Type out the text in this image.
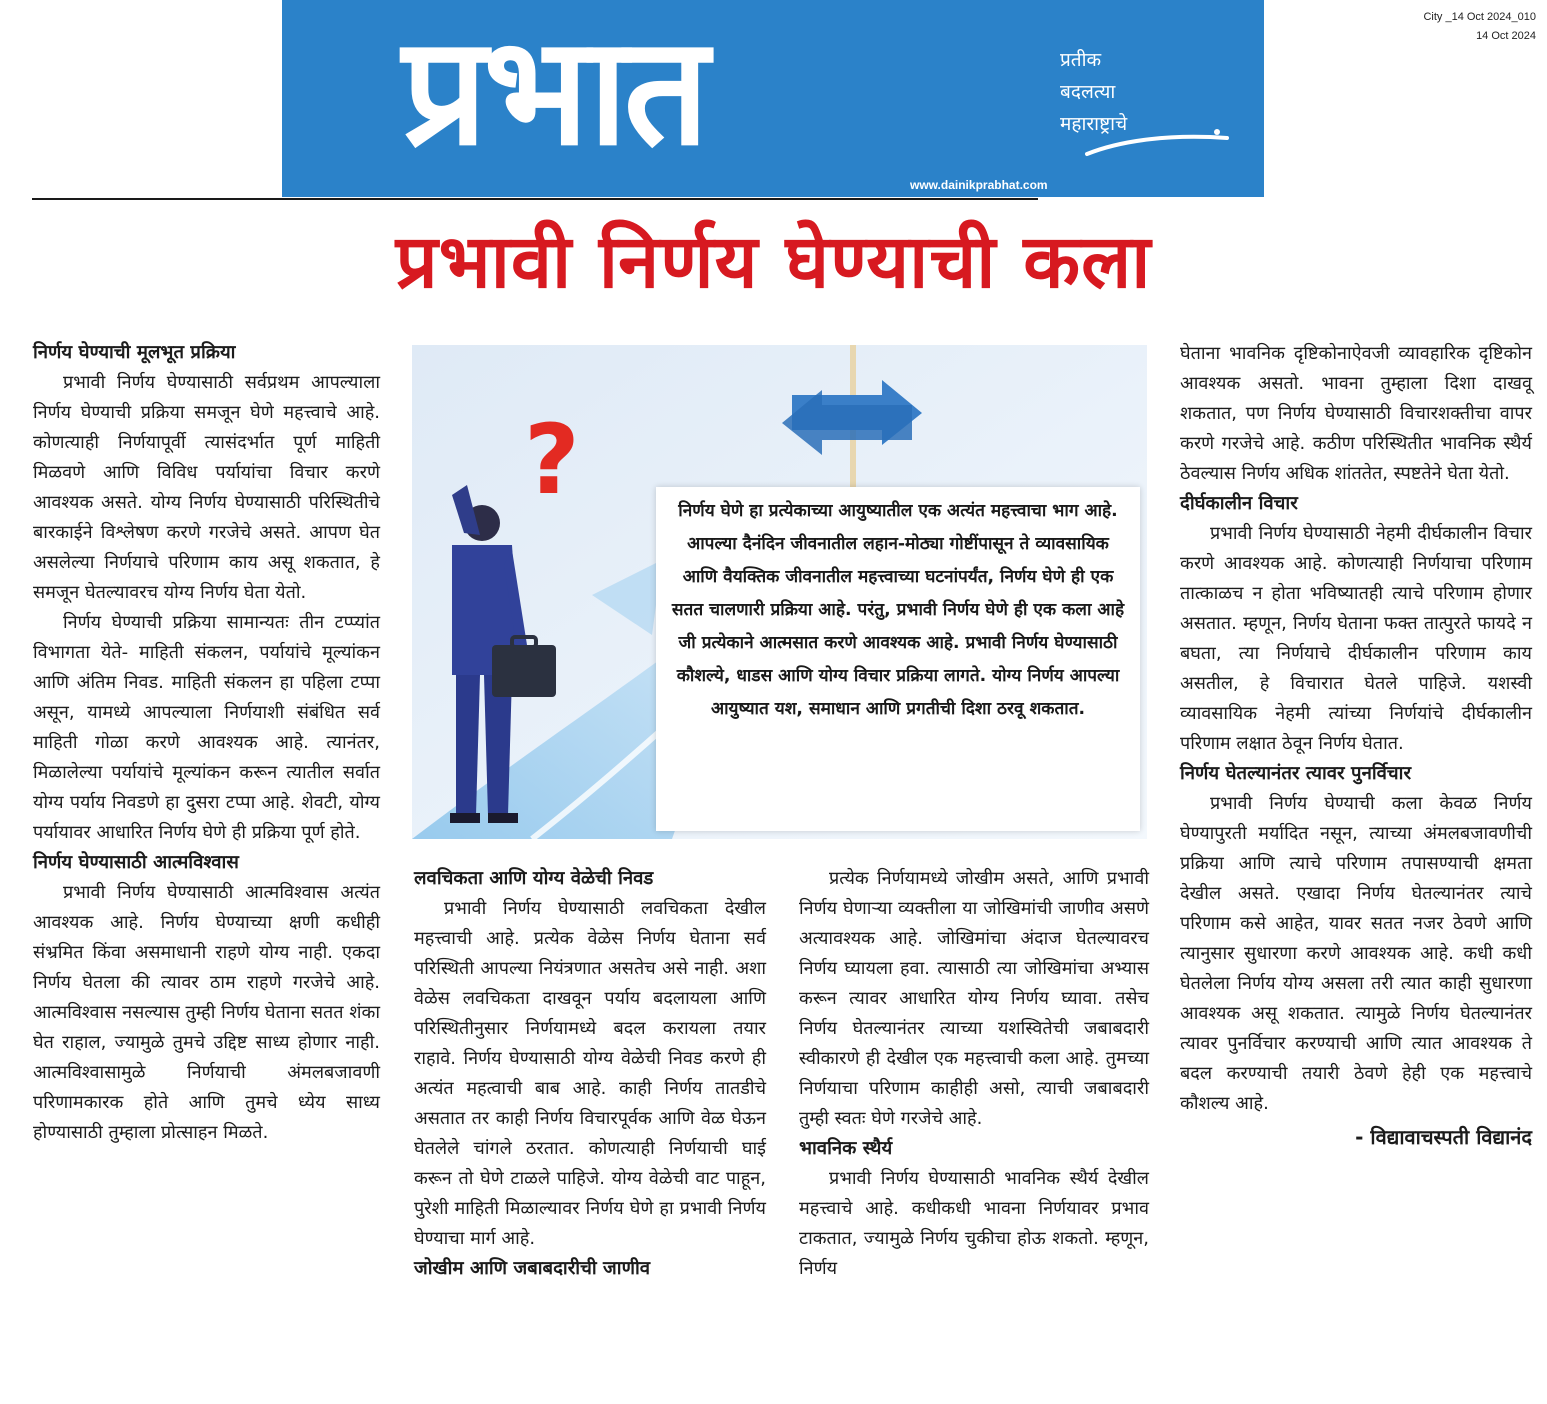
प्रभात	प्रतीक
बदलत्या
महाराष्ट्राचे
www.dainikprabhat.com
City _14 Oct 2024_010
14 Oct 2024
प्रभावी निर्णय घेण्याची कला
निर्णय घेण्याची मूलभूत प्रक्रिया

प्रभावी निर्णय घेण्यासाठी सर्वप्रथम आपल्याला निर्णय घेण्याची प्रक्रिया समजून घेणे महत्त्वाचे आहे. कोणत्याही निर्णयापूर्वी त्यासंदर्भात पूर्ण माहिती मिळवणे आणि विविध पर्यायांचा विचार करणे आवश्यक असते. योग्य निर्णय घेण्यासाठी परिस्थितीचे बारकाईने विश्लेषण करणे गरजेचे असते. आपण घेत असलेल्या निर्णयाचे परिणाम काय असू शकतात, हे समजून घेतल्यावरच योग्य निर्णय घेता येतो.

निर्णय घेण्याची प्रक्रिया सामान्यतः तीन टप्प्यांत विभागता येते- माहिती संकलन, पर्यायांचे मूल्यांकन आणि अंतिम निवड. माहिती संकलन हा पहिला टप्पा असून, यामध्ये आपल्याला निर्णयाशी संबंधित सर्व माहिती गोळा करणे आवश्यक आहे. त्यानंतर, मिळालेल्या पर्यायांचे मूल्यांकन करून त्यातील सर्वात योग्य पर्याय निवडणे हा दुसरा टप्पा आहे. शेवटी, योग्य पर्यायावर आधारित निर्णय घेणे ही प्रक्रिया पूर्ण होते.

निर्णय घेण्यासाठी आत्मविश्वास

प्रभावी निर्णय घेण्यासाठी आत्मविश्वास अत्यंत आवश्यक आहे. निर्णय घेण्याच्या क्षणी कधीही संभ्रमित किंवा असमाधानी राहणे योग्य नाही. एकदा निर्णय घेतला की त्यावर ठाम राहणे गरजेचे आहे. आत्मविश्वास नसल्यास तुम्ही निर्णय घेताना सतत शंका घेत राहाल, ज्यामुळे तुमचे उद्दिष्ट साध्य होणार नाही. आत्मविश्वासामुळे निर्णयाची अंमलबजावणी परिणामकारक होते आणि तुमचे ध्येय साध्य होण्यासाठी तुम्हाला प्रोत्साहन मिळते.

?	निर्णय घेणे हा प्रत्येकाच्या आयुष्यातील एक अत्यंत महत्त्वाचा भाग आहे. आपल्या दैनंदिन जीवनातील लहान-मोठ्या गोष्टींपासून ते व्यावसायिक आणि वैयक्तिक जीवनातील महत्त्वाच्या घटनांपर्यंत, निर्णय घेणे ही एक सतत चालणारी प्रक्रिया आहे. परंतु, प्रभावी निर्णय घेणे ही एक कला आहे जी प्रत्येकाने आत्मसात करणे आवश्यक आहे. प्रभावी निर्णय घेण्यासाठी कौशल्ये, धाडस आणि योग्य विचार प्रक्रिया लागते. योग्य निर्णय आपल्या आयुष्यात यश, समाधान आणि प्रगतीची दिशा ठरवू शकतात.
लवचिकता आणि योग्य वेळेची निवड

प्रभावी निर्णय घेण्यासाठी लवचिकता देखील महत्त्वाची आहे. प्रत्येक वेळेस निर्णय घेताना सर्व परिस्थिती आपल्या नियंत्रणात असतेच असे नाही. अशा वेळेस लवचिकता दाखवून पर्याय बदलायला आणि परिस्थितीनुसार निर्णयामध्ये बदल करायला तयार राहावे. निर्णय घेण्यासाठी योग्य वेळेची निवड करणे ही अत्यंत महत्वाची बाब आहे. काही निर्णय तातडीचे असतात तर काही निर्णय विचारपूर्वक आणि वेळ घेऊन घेतलेले चांगले ठरतात. कोणत्याही निर्णयाची घाई करून तो घेणे टाळले पाहिजे. योग्य वेळेची वाट पाहून, पुरेशी माहिती मिळाल्यावर निर्णय घेणे हा प्रभावी निर्णय घेण्याचा मार्ग आहे.

जोखीम आणि जबाबदारीची जाणीव

प्रत्येक निर्णयामध्ये जोखीम असते, आणि प्रभावी निर्णय घेणाऱ्या व्यक्तीला या जोखिमांची जाणीव असणे अत्यावश्यक आहे. जोखिमांचा अंदाज घेतल्यावरच निर्णय घ्यायला हवा. त्यासाठी त्या जोखिमांचा अभ्यास करून त्यावर आधारित योग्य निर्णय घ्यावा. तसेच निर्णय घेतल्यानंतर त्याच्या यशस्वितेची जबाबदारी स्वीकारणे ही देखील एक महत्त्वाची कला आहे. तुमच्या निर्णयाचा परिणाम काहीही असो, त्याची जबाबदारी तुम्ही स्वतः घेणे गरजेचे आहे.

भावनिक स्थैर्य

प्रभावी निर्णय घेण्यासाठी भावनिक स्थैर्य देखील महत्त्वाचे आहे. कधीकधी भावना निर्णयावर प्रभाव टाकतात, ज्यामुळे निर्णय चुकीचा होऊ शकतो. म्हणून, निर्णय

घेताना भावनिक दृष्टिकोनाऐवजी व्यावहारिक दृष्टिकोन आवश्यक असतो. भावना तुम्हाला दिशा दाखवू शकतात, पण निर्णय घेण्यासाठी विचारशक्तीचा वापर करणे गरजेचे आहे. कठीण परिस्थितीत भावनिक स्थैर्य ठेवल्यास निर्णय अधिक शांततेत, स्पष्टतेने घेता येतो.

दीर्घकालीन विचार

प्रभावी निर्णय घेण्यासाठी नेहमी दीर्घकालीन विचार करणे आवश्यक आहे. कोणत्याही निर्णयाचा परिणाम तात्काळच न होता भविष्यातही त्याचे परिणाम होणार असतात. म्हणून, निर्णय घेताना फक्त तात्पुरते फायदे न बघता, त्या निर्णयाचे दीर्घकालीन परिणाम काय असतील, हे विचारात घेतले पाहिजे. यशस्वी व्यावसायिक नेहमी त्यांच्या निर्णयांचे दीर्घकालीन परिणाम लक्षात ठेवून निर्णय घेतात.

निर्णय घेतल्यानंतर त्यावर पुनर्विचार

प्रभावी निर्णय घेण्याची कला केवळ निर्णय घेण्यापुरती मर्यादित नसून, त्याच्या अंमलबजावणीची प्रक्रिया आणि त्याचे परिणाम तपासण्याची क्षमता देखील असते. एखादा निर्णय घेतल्यानंतर त्याचे परिणाम कसे आहेत, यावर सतत नजर ठेवणे आणि त्यानुसार सुधारणा करणे आवश्यक आहे. कधी कधी घेतलेला निर्णय योग्य असला तरी त्यात काही सुधारणा आवश्यक असू शकतात. त्यामुळे निर्णय घेतल्यानंतर त्यावर पुनर्विचार करण्याची आणि त्यात आवश्यक ते बदल करण्याची तयारी ठेवणे हेही एक महत्त्वाचे कौशल्य आहे.

- विद्यावाचस्पती विद्यानंद
